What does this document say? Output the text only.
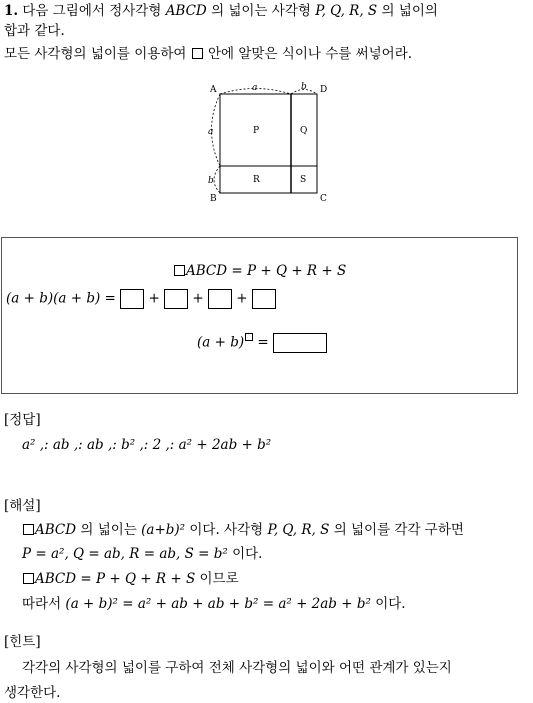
1. 다음 그림에서 정사각형 ABCD 의 넓이는 사각형 P, Q, R, S 의 넓이의
합과 같다.
모든 사각형의 넓이를 이용하여 안에 알맞은 식이나 수를 써넣어라.
A	D
B	C
a	b
a
b
P	Q
R	S
ABCD = P + Q + R + S
(a + b)(a + b) = + + +
(a + b) =
[정답]
a² ,: ab ,: ab ,: b² ,: 2 ,: a² + 2ab + b²
[해설]
ABCD 의 넓이는 (a+b)² 이다. 사각형 P, Q, R, S 의 넓이를 각각 구하면
P = a², Q = ab, R = ab, S = b² 이다.
ABCD = P + Q + R + S 이므로
따라서 (a + b)² = a² + ab + ab + b² = a² + 2ab + b² 이다.
[힌트]
각각의 사각형의 넓이를 구하여 전체 사각형의 넓이와 어떤 관계가 있는지
생각한다.
